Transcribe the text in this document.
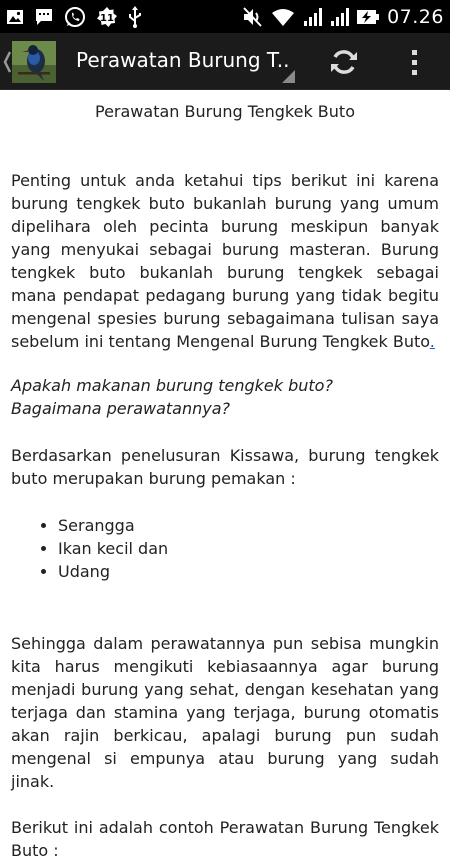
11	07.26
Perawatan Burung T..
Perawatan Burung Tengkek Buto

Penting untuk anda ketahui tips berikut ini karena burung tengkek buto bukanlah burung yang umum dipelihara oleh pecinta burung meskipun banyak yang menyukai sebagai burung masteran. Burung tengkek buto bukanlah burung tengkek sebagai mana pendapat pedagang burung yang tidak begitu mengenal spesies burung sebagaimana tulisan saya sebelum ini tentang Mengenal Burung Tengkek Buto.

Apakah makanan burung tengkek buto?
Bagaimana perawatannya?

Berdasarkan penelusuran Kissawa, burung tengkek buto merupakan burung pemakan :

• Serangga
• Ikan kecil dan
• Udang

Sehingga dalam perawatannya pun sebisa mungkin kita harus mengikuti kebiasaannya agar burung menjadi burung yang sehat, dengan kesehatan yang terjaga dan stamina yang terjaga, burung otomatis akan rajin berkicau, apalagi burung pun sudah mengenal si empunya atau burung yang sudah jinak.

Berikut ini adalah contoh Perawatan Burung Tengkek Buto :
